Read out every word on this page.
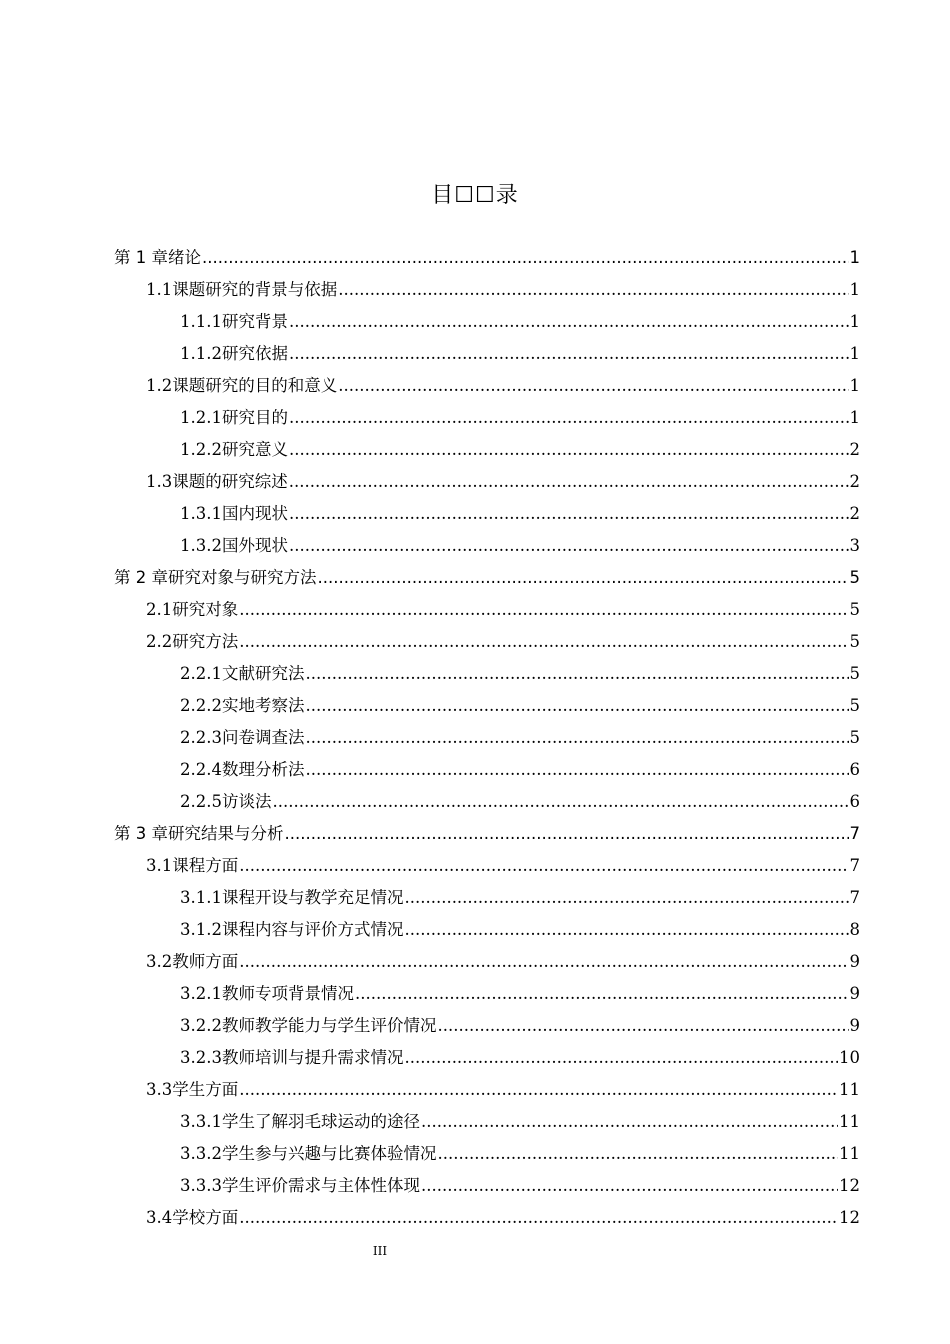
目☐☐录
第 1 章 绪论 .....	1
1.1 课题研究的背景与依据 .....	1
1.1.1 研究背景 .....	1
1.1.2 研究依据 .....	1
1.2 课题研究的目的和意义 .....	1
1.2.1 研究目的 .....	1
1.2.2 研究意义 .....	2
1.3 课题的研究综述 .....	2
1.3.1 国内现状 .....	2
1.3.2 国外现状 .....	3
第 2 章 研究对象与研究方法 .....	5
2.1 研究对象 .....	5
2.2 研究方法 .....	5
2.2.1 文献研究法 .....	5
2.2.2 实地考察法 .....	5
2.2.3 问卷调查法 .....	5
2.2.4 数理分析法 .....	6
2.2.5 访谈法 .....	6
第 3 章 研究结果与分析 .....	7
3.1 课程方面 .....	7
3.1.1 课程开设与教学充足情况 .....	7
3.1.2 课程内容与评价方式情况 .....	8
3.2 教师方面 .....	9
3.2.1 教师专项背景情况 .....	9
3.2.2 教师教学能力与学生评价情况 .....	9
3.2.3 教师培训与提升需求情况 .....	10
3.3 学生方面 .....	11
3.3.1 学生了解羽毛球运动的途径 .....	11
3.3.2 学生参与兴趣与比赛体验情况 .....	11
3.3.3 学生评价需求与主体性体现 .....	12
3.4 学校方面 .....	12
III
